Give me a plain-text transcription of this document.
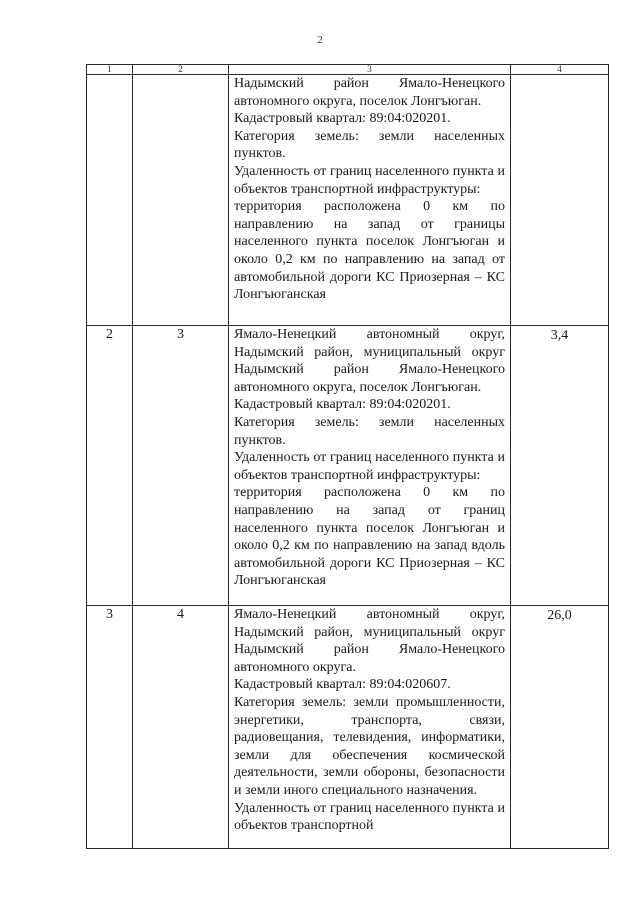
2
1	2	3	4

		Надымский район Ямало-Ненецкого автономного округа, поселок Лонгъюган.
Кадастровый квартал: 89:04:020201.
Категория земель: земли населенных пунктов.
Удаленность от границ населенного пункта и объектов транспортной инфраструктуры:
территория расположена 0 км по направлению на запад от границы населенного пункта поселок Лонгъюган и около 0,2 км по направлению на запад от автомобильной дороги КС Приозерная – КС Лонгъюганская	

2	3	Ямало-Ненецкий автономный округ, Надымский район, муниципальный округ Надымский район Ямало-Ненецкого автономного округа, поселок Лонгъюган.
Кадастровый квартал: 89:04:020201.
Категория земель: земли населенных пунктов.
Удаленность от границ населенного пункта и объектов транспортной инфраструктуры:
территория расположена 0 км по направлению на запад от границ населенного пункта поселок Лонгъюган и около 0,2 км по направлению на запад вдоль автомобильной дороги КС Приозерная – КС Лонгъюганская	3,4
3	4	Ямало-Ненецкий автономный округ, Надымский район, муниципальный округ Надымский район Ямало-Ненецкого автономного округа.
Кадастровый квартал: 89:04:020607.
Категория земель: земли промышленности, энергетики, транспорта, связи, радиовещания, телевидения, информатики, земли для обеспечения космической деятельности, земли обороны, безопасности и земли иного специального назначения.
Удаленность от границ населенного пункта и объектов транспортной	26,0
